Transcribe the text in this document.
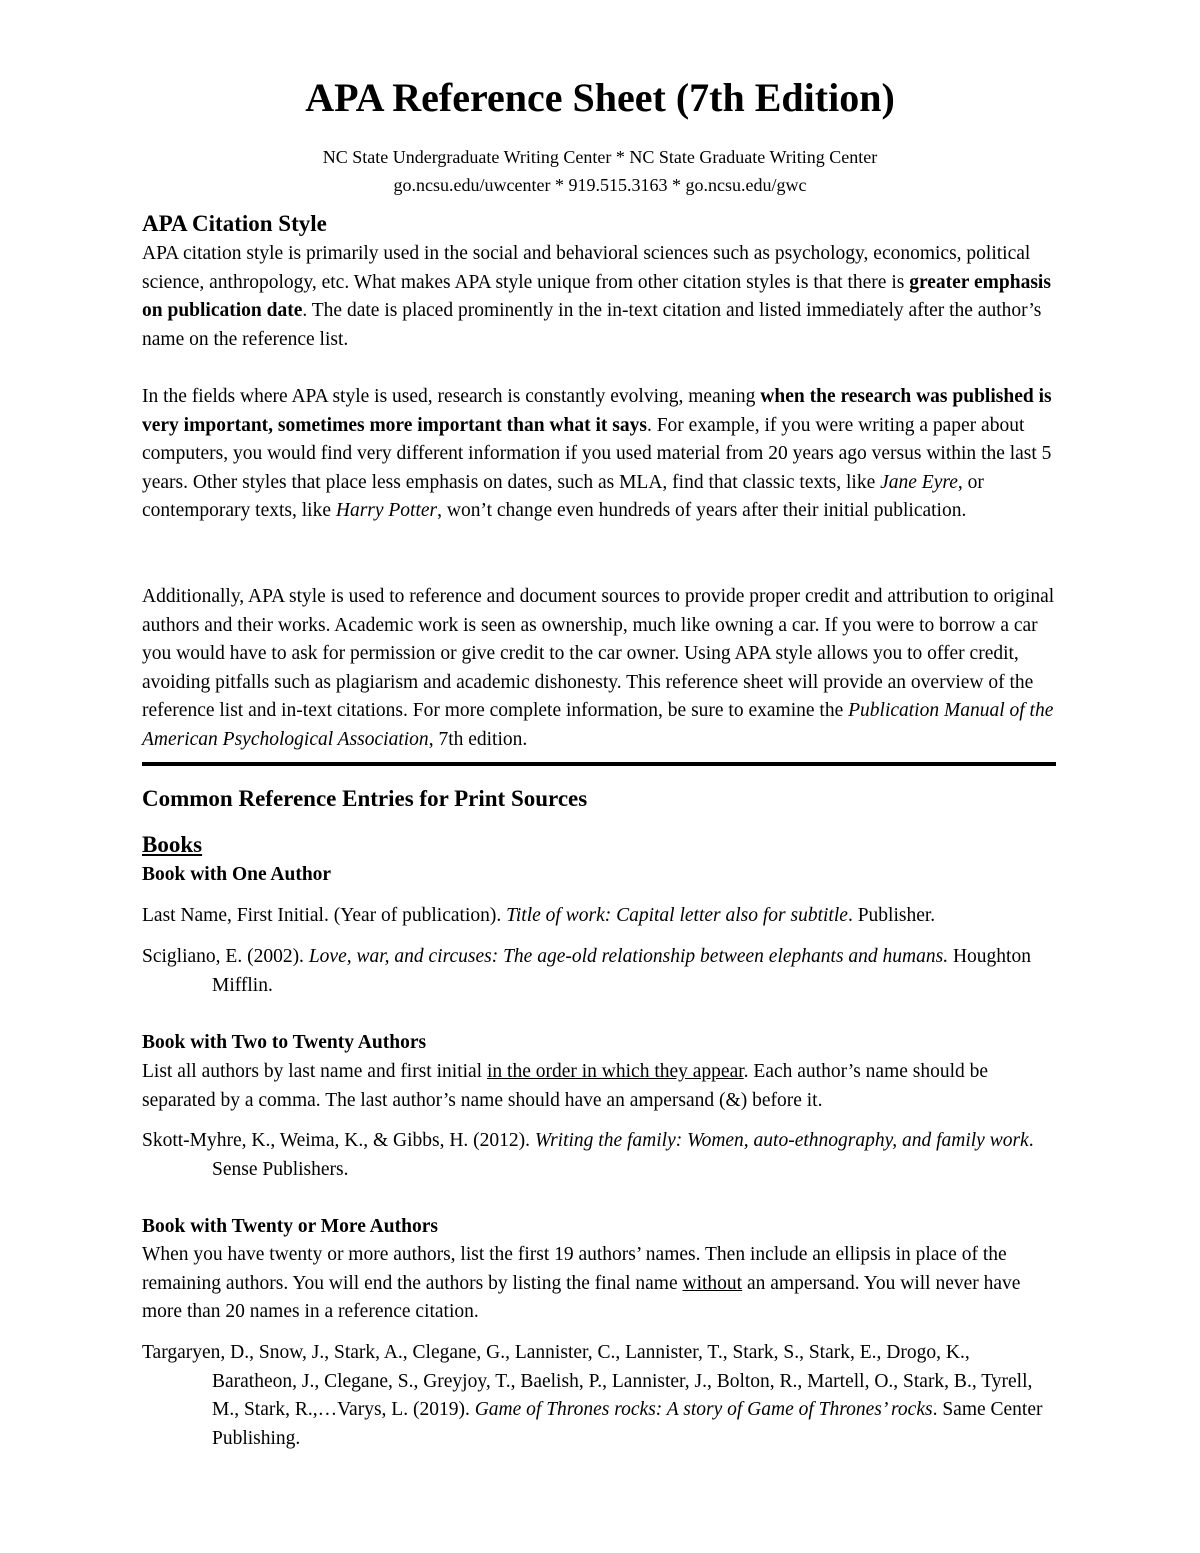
APA Reference Sheet (7th Edition)

NC State Undergraduate Writing Center * NC State Graduate Writing Center

go.ncsu.edu/uwcenter * 919.515.3163 * go.ncsu.edu/gwc

APA Citation Style

APA citation style is primarily used in the social and behavioral sciences such as psychology, economics, political science, anthropology, etc. What makes APA style unique from other citation styles is that there is greater emphasis on publication date. The date is placed prominently in the in-text citation and listed immediately after the author’s name on the reference list.

In the fields where APA style is used, research is constantly evolving, meaning when the research was published is very important, sometimes more important than what it says. For example, if you were writing a paper about computers, you would find very different information if you used material from 20 years ago versus within the last 5 years. Other styles that place less emphasis on dates, such as MLA, find that classic texts, like Jane Eyre, or contemporary texts, like Harry Potter, won’t change even hundreds of years after their initial publication.

Additionally, APA style is used to reference and document sources to provide proper credit and attribution to original authors and their works. Academic work is seen as ownership, much like owning a car. If you were to borrow a car you would have to ask for permission or give credit to the car owner. Using APA style allows you to offer credit, avoiding pitfalls such as plagiarism and academic dishonesty. This reference sheet will provide an overview of the reference list and in-text citations. For more complete information, be sure to examine the Publication Manual of the American Psychological Association, 7th edition.

Common Reference Entries for Print Sources
Books
Book with One Author

Last Name, First Initial. (Year of publication). Title of work: Capital letter also for subtitle. Publisher.

Scigliano, E. (2002). Love, war, and circuses: The age-old relationship between elephants and humans. Houghton Mifflin.

Book with Two to Twenty Authors

List all authors by last name and first initial in the order in which they appear. Each author’s name should be separated by a comma. The last author’s name should have an ampersand (&) before it.

Skott-Myhre, K., Weima, K., & Gibbs, H. (2012). Writing the family: Women, auto-ethnography, and family work. Sense Publishers.

Book with Twenty or More Authors

When you have twenty or more authors, list the first 19 authors’ names. Then include an ellipsis in place of the remaining authors. You will end the authors by listing the final name without an ampersand. You will never have more than 20 names in a reference citation.

Targaryen, D., Snow, J., Stark, A., Clegane, G., Lannister, C., Lannister, T., Stark, S., Stark, E., Drogo, K., Baratheon, J., Clegane, S., Greyjoy, T., Baelish, P., Lannister, J., Bolton, R., Martell, O., Stark, B., Tyrell, M., Stark, R.,…Varys, L. (2019). Game of Thrones rocks: A story of Game of Thrones’ rocks. Same Center Publishing.
